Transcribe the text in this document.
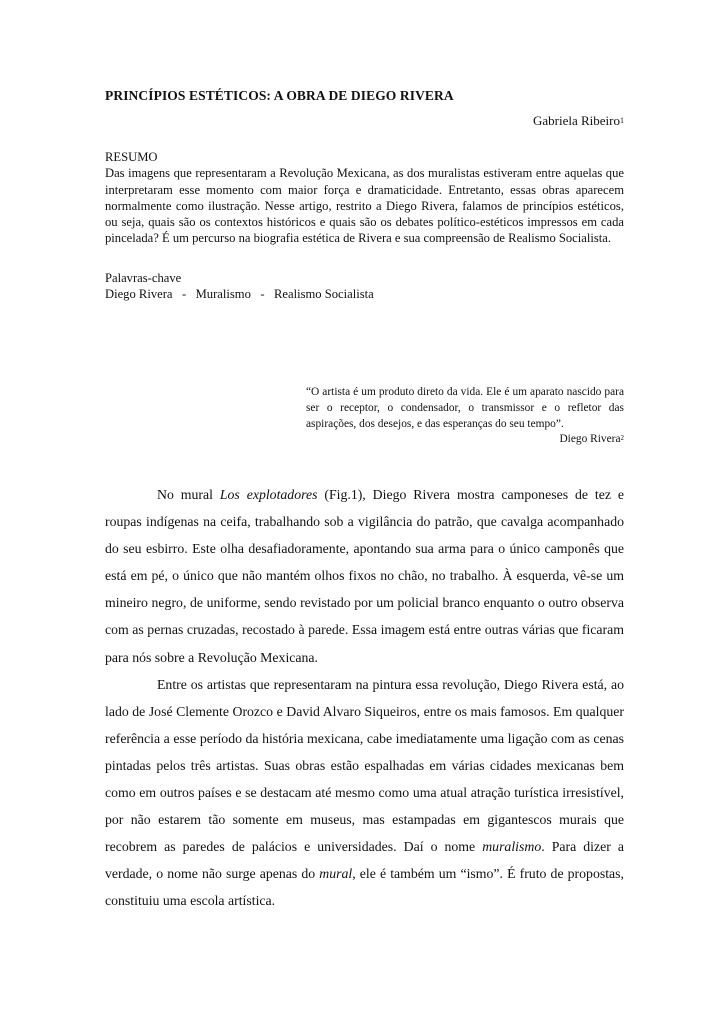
PRINCÍPIOS ESTÉTICOS: A OBRA DE DIEGO RIVERA
Gabriela Ribeiro$^1$
RESUMO
Das imagens que representaram a Revolução Mexicana, as dos muralistas estiveram entre aquelas que interpretaram esse momento com maior força e dramaticidade. Entretanto, essas obras aparecem normalmente como ilustração. Nesse artigo, restrito a Diego Rivera, falamos de princípios estéticos, ou seja, quais são os contextos históricos e quais são os debates político-estéticos impressos em cada pincelada? É um percurso na biografia estética de Rivera e sua compreensão de Realismo Socialista.
Palavras-chave
Diego Rivera - Muralismo - Realismo Socialista
“O artista é um produto direto da vida. Ele é um aparato nascido para ser o receptor, o condensador, o transmissor e o refletor das aspirações, dos desejos, e das esperanças do seu tempo”.
Diego Rivera$^2$

No mural Los explotadores (Fig.1), Diego Rivera mostra camponeses de tez e roupas indígenas na ceifa, trabalhando sob a vigilância do patrão, que cavalga acompanhado do seu esbirro. Este olha desafiadoramente, apontando sua arma para o único camponês que está em pé, o único que não mantém olhos fixos no chão, no trabalho. À esquerda, vê-se um mineiro negro, de uniforme, sendo revistado por um policial branco enquanto o outro observa com as pernas cruzadas, recostado à parede. Essa imagem está entre outras várias que ficaram para nós sobre a Revolução Mexicana.

Entre os artistas que representaram na pintura essa revolução, Diego Rivera está, ao lado de José Clemente Orozco e David Alvaro Siqueiros, entre os mais famosos. Em qualquer referência a esse período da história mexicana, cabe imediatamente uma ligação com as cenas pintadas pelos três artistas. Suas obras estão espalhadas em várias cidades mexicanas bem como em outros países e se destacam até mesmo como uma atual atração turística irresistível, por não estarem tão somente em museus, mas estampadas em gigantescos murais que recobrem as paredes de palácios e universidades. Daí o nome muralismo. Para dizer a verdade, o nome não surge apenas do mural, ele é também um “ismo”. É fruto de propostas, constituiu uma escola artística.
